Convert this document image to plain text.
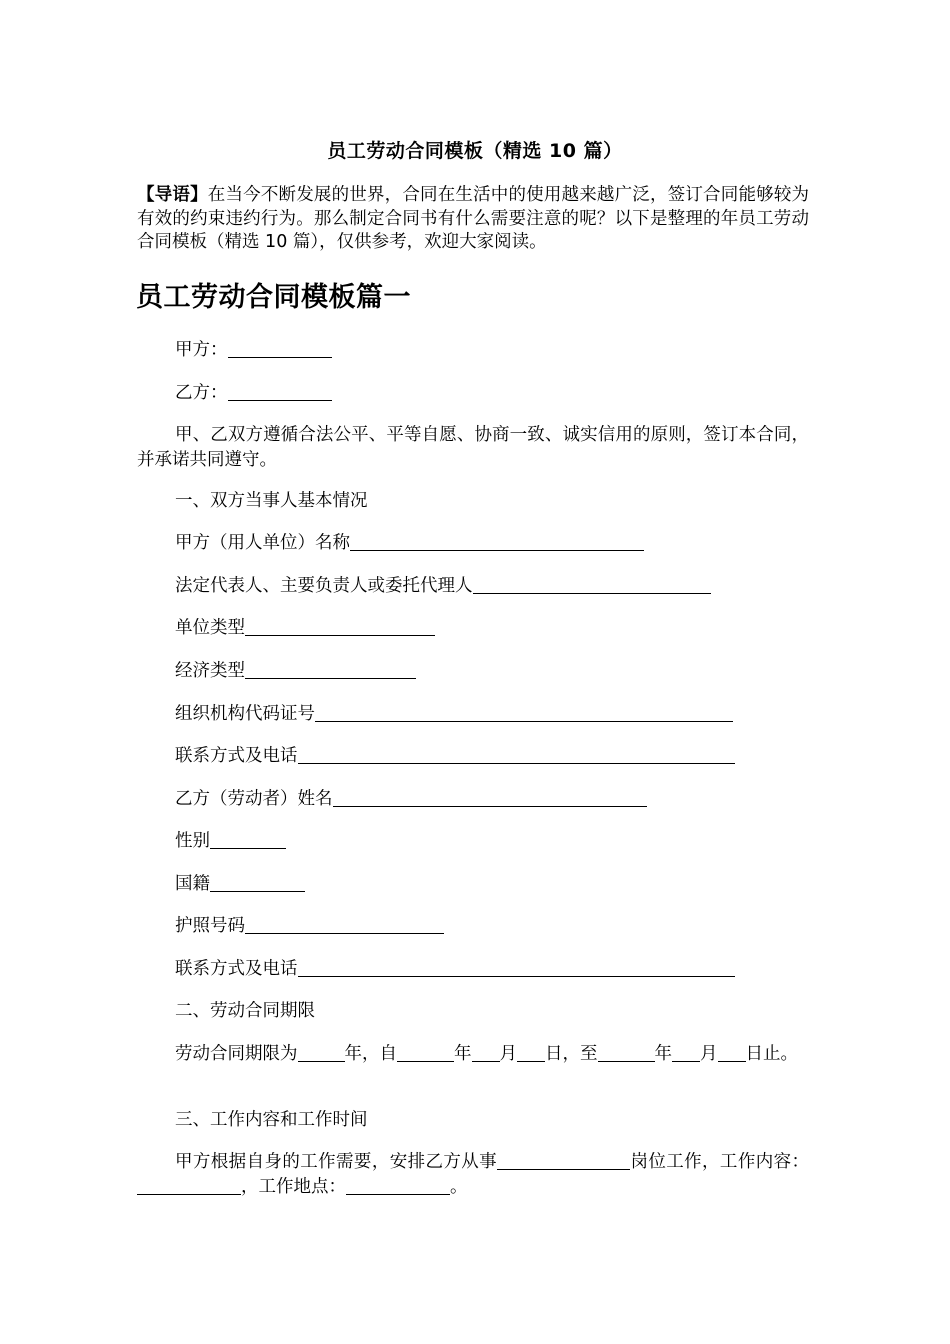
员工劳动合同模板（精选 10 篇）
【导语】在当今不断发展的世界，合同在生活中的使用越来越广泛，签订合同能够较为有效的约束违约行为。那么制定合同书有什么需要注意的呢？以下是整理的年员工劳动合同模板（精选 10 篇），仅供参考，欢迎大家阅读。
员工劳动合同模板篇一
甲方：
乙方：
甲、乙双方遵循合法公平、平等自愿、协商一致、诚实信用的原则，签订本合同，并承诺共同遵守。
一、双方当事人基本情况
甲方（用人单位）名称
法定代表人、主要负责人或委托代理人
单位类型
经济类型
组织机构代码证号
联系方式及电话
乙方（劳动者）姓名
性别
国籍
护照号码
联系方式及电话
二、劳动合同期限
劳动合同期限为	年，自	年 月 日，至	年 月 日止。
三、工作内容和工作时间
甲方根据自身的工作需要，安排乙方从事	岗位工作，工作内容：，工作地点：	。
